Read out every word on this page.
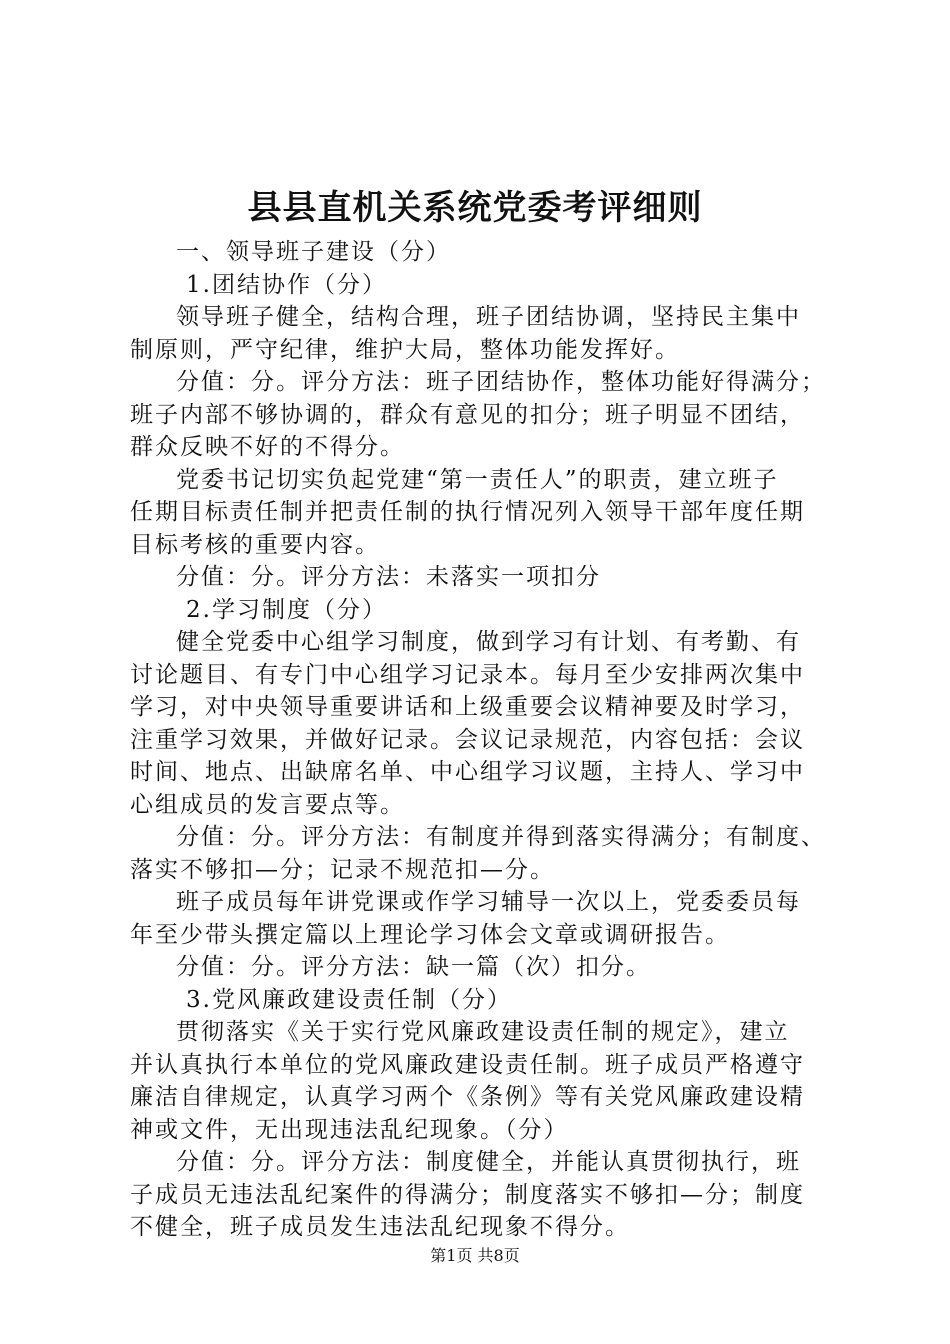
县县直机关系统党委考评细则

一、领导班子建设（分）

1.团结协作（分）

领导班子健全，结构合理，班子团结协调，坚持民主集中

制原则，严守纪律，维护大局，整体功能发挥好。

分值：分。评分方法：班子团结协作，整体功能好得满分；

班子内部不够协调的，群众有意见的扣分；班子明显不团结，

群众反映不好的不得分。

党委书记切实负起党建“第一责任人”的职责，建立班子

任期目标责任制并把责任制的执行情况列入领导干部年度任期

目标考核的重要内容。

分值：分。评分方法：未落实一项扣分

2.学习制度（分）

健全党委中心组学习制度，做到学习有计划、有考勤、有

讨论题目、有专门中心组学习记录本。每月至少安排两次集中

学习，对中央领导重要讲话和上级重要会议精神要及时学习，

注重学习效果，并做好记录。会议记录规范，内容包括：会议

时间、地点、出缺席名单、中心组学习议题，主持人、学习中

心组成员的发言要点等。

分值：分。评分方法：有制度并得到落实得满分；有制度、

落实不够扣—分；记录不规范扣—分。

班子成员每年讲党课或作学习辅导一次以上，党委委员每

年至少带头撰定篇以上理论学习体会文章或调研报告。

分值：分。评分方法：缺一篇（次）扣分。

3.党风廉政建设责任制（分）

贯彻落实《关于实行党风廉政建设责任制的规定》，建立

并认真执行本单位的党风廉政建设责任制。班子成员严格遵守

廉洁自律规定，认真学习两个《条例》等有关党风廉政建设精

神或文件，无出现违法乱纪现象。（分）

分值：分。评分方法：制度健全，并能认真贯彻执行，班

子成员无违法乱纪案件的得满分；制度落实不够扣—分；制度

不健全，班子成员发生违法乱纪现象不得分。

第1页 共8页
